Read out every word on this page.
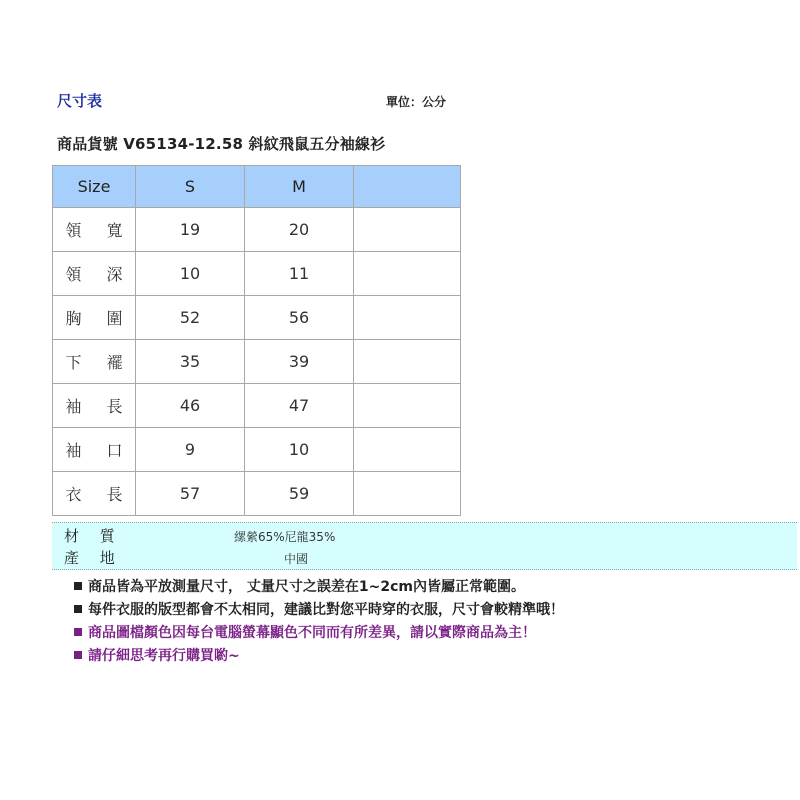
尺寸表	單位：公分
商品貨號 V65134-12.58 斜紋飛鼠五分袖線衫
Size	S	M	
領 寬	19	20	
領 深	10	11	
胸 圍	52	56	
下 襬	35	39	
袖 長	46	47	
袖 口	9	10	
衣 長	57	59	
材 質	縲縈65%尼龍35%
產 地	中國
商品皆為平放測量尺寸， 丈量尺寸之誤差在1~2cm內皆屬正常範圍。
每件衣服的版型都會不太相同，建議比對您平時穿的衣服，尺寸會較精準哦！
商品圖檔顏色因每台電腦螢幕顯色不同而有所差異，請以實際商品為主！
請仔細思考再行購買喲~
